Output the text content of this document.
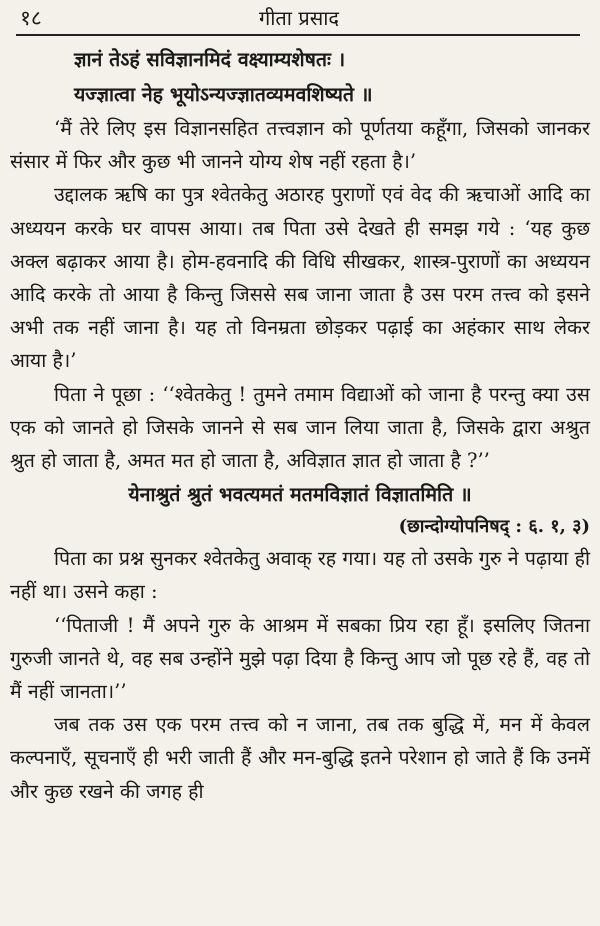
१८	गीता प्रसाद
ज्ञानं तेऽहं सविज्ञानमिदं वक्ष्याम्यशेषतः ।
यज्ज्ञात्वा नेह भूयोऽन्यज्ज्ञातव्यमवशिष्यते ॥

‘मैं तेरे लिए इस विज्ञानसहित तत्त्वज्ञान को पूर्णतया कहूँगा, जिसको जानकर संसार में फिर और कुछ भी जानने योग्य शेष नहीं रहता है।’

उद्दालक ऋषि का पुत्र श्वेतकेतु अठारह पुराणों एवं वेद की ऋचाओं आदि का अध्ययन करके घर वापस आया। तब पिता उसे देखते ही समझ गये : ‘यह कुछ अक्ल बढ़ाकर आया है। होम-हवनादि की विधि सीखकर, शास्त्र-पुराणों का अध्ययन आदि करके तो आया है किन्तु जिससे सब जाना जाता है उस परम तत्त्व को इसने अभी तक नहीं जाना है। यह तो विनम्रता छोड़कर पढ़ाई का अहंकार साथ लेकर आया है।’

पिता ने पूछा : ‘‘श्वेतकेतु ! तुमने तमाम विद्याओं को जाना है परन्तु क्या उस एक को जानते हो जिसके जानने से सब जान लिया जाता है, जिसके द्वारा अश्रुत श्रुत हो जाता है, अमत मत हो जाता है, अविज्ञात ज्ञात हो जाता है ?’’

येनाश्रुतं श्रुतं भवत्यमतं मतमविज्ञातं विज्ञातमिति ॥
(छान्दोग्योपनिषद् : ६. १, ३)

पिता का प्रश्न सुनकर श्वेतकेतु अवाक् रह गया। यह तो उसके गुरु ने पढ़ाया ही नहीं था। उसने कहा :

‘‘पिताजी ! मैं अपने गुरु के आश्रम में सबका प्रिय रहा हूँ। इसलिए जितना गुरुजी जानते थे, वह सब उन्होंने मुझे पढ़ा दिया है किन्तु आप जो पूछ रहे हैं, वह तो मैं नहीं जानता।’’

जब तक उस एक परम तत्त्व को न जाना, तब तक बुद्धि में, मन में केवल कल्पनाएँ, सूचनाएँ ही भरी जाती हैं और मन-बुद्धि इतने परेशान हो जाते हैं कि उनमें और कुछ रखने की जगह ही
